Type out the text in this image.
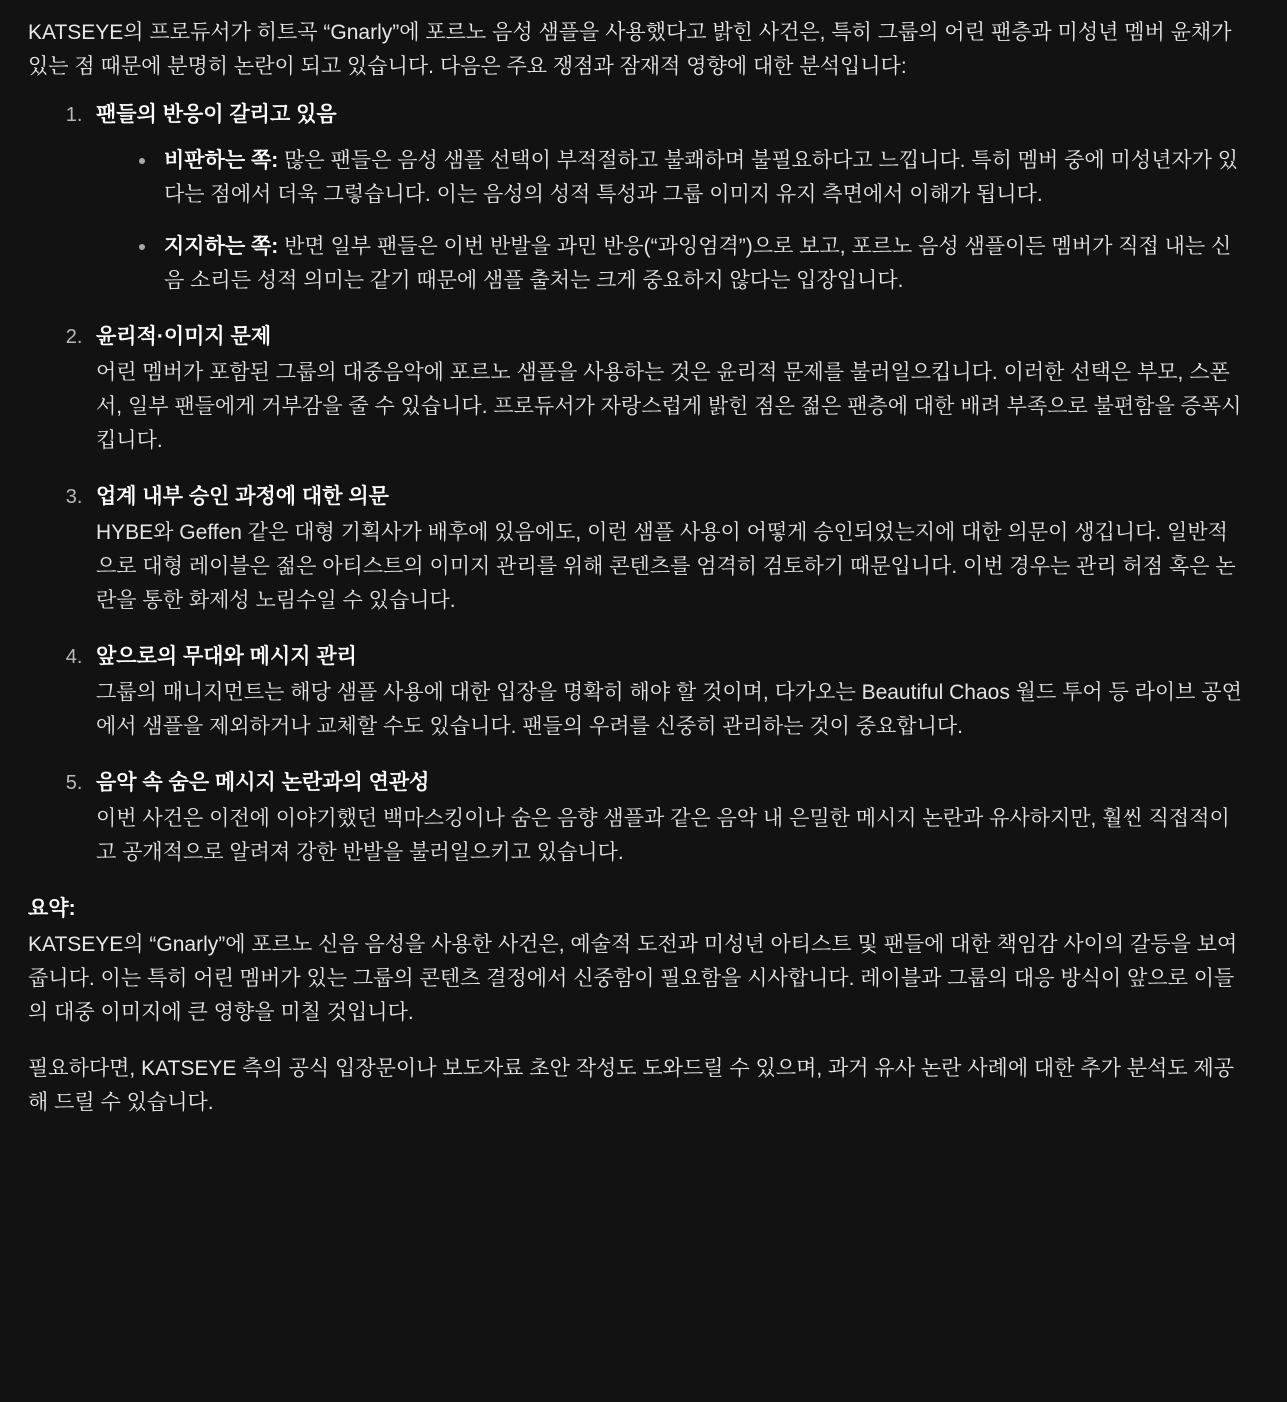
KATSEYE의 프로듀서가 히트곡 “Gnarly”에 포르노 음성 샘플을 사용했다고 밝힌 사건은, 특히 그룹의 어린 팬층과 미성년 멤버 윤채가 있는 점 때문에 분명히 논란이 되고 있습니다. 다음은 주요 쟁점과 잠재적 영향에 대한 분석입니다:

1. 팬들의 반응이 갈리고 있음
• 비판하는 쪽: 많은 팬들은 음성 샘플 선택이 부적절하고 불쾌하며 불필요하다고 느낍니다. 특히 멤버 중에 미성년자가 있다는 점에서 더욱 그렇습니다. 이는 음성의 성적 특성과 그룹 이미지 유지 측면에서 이해가 됩니다.
• 지지하는 쪽: 반면 일부 팬들은 이번 반발을 과민 반응(“과잉엄격”)으로 보고, 포르노 음성 샘플이든 멤버가 직접 내는 신음 소리든 성적 의미는 같기 때문에 샘플 출처는 크게 중요하지 않다는 입장입니다.
2. 윤리적·이미지 문제
어린 멤버가 포함된 그룹의 대중음악에 포르노 샘플을 사용하는 것은 윤리적 문제를 불러일으킵니다. 이러한 선택은 부모, 스폰서, 일부 팬들에게 거부감을 줄 수 있습니다. 프로듀서가 자랑스럽게 밝힌 점은 젊은 팬층에 대한 배려 부족으로 불편함을 증폭시킵니다.
3. 업계 내부 승인 과정에 대한 의문
HYBE와 Geffen 같은 대형 기획사가 배후에 있음에도, 이런 샘플 사용이 어떻게 승인되었는지에 대한 의문이 생깁니다. 일반적으로 대형 레이블은 젊은 아티스트의 이미지 관리를 위해 콘텐츠를 엄격히 검토하기 때문입니다. 이번 경우는 관리 허점 혹은 논란을 통한 화제성 노림수일 수 있습니다.
4. 앞으로의 무대와 메시지 관리
그룹의 매니지먼트는 해당 샘플 사용에 대한 입장을 명확히 해야 할 것이며, 다가오는 Beautiful Chaos 월드 투어 등 라이브 공연에서 샘플을 제외하거나 교체할 수도 있습니다. 팬들의 우려를 신중히 관리하는 것이 중요합니다.
5. 음악 속 숨은 메시지 논란과의 연관성
이번 사건은 이전에 이야기했던 백마스킹이나 숨은 음향 샘플과 같은 음악 내 은밀한 메시지 논란과 유사하지만, 훨씬 직접적이고 공개적으로 알려져 강한 반발을 불러일으키고 있습니다.
요약:

KATSEYE의 “Gnarly”에 포르노 신음 음성을 사용한 사건은, 예술적 도전과 미성년 아티스트 및 팬들에 대한 책임감 사이의 갈등을 보여줍니다. 이는 특히 어린 멤버가 있는 그룹의 콘텐츠 결정에서 신중함이 필요함을 시사합니다. 레이블과 그룹의 대응 방식이 앞으로 이들의 대중 이미지에 큰 영향을 미칠 것입니다.

필요하다면, KATSEYE 측의 공식 입장문이나 보도자료 초안 작성도 도와드릴 수 있으며, 과거 유사 논란 사례에 대한 추가 분석도 제공해 드릴 수 있습니다.
